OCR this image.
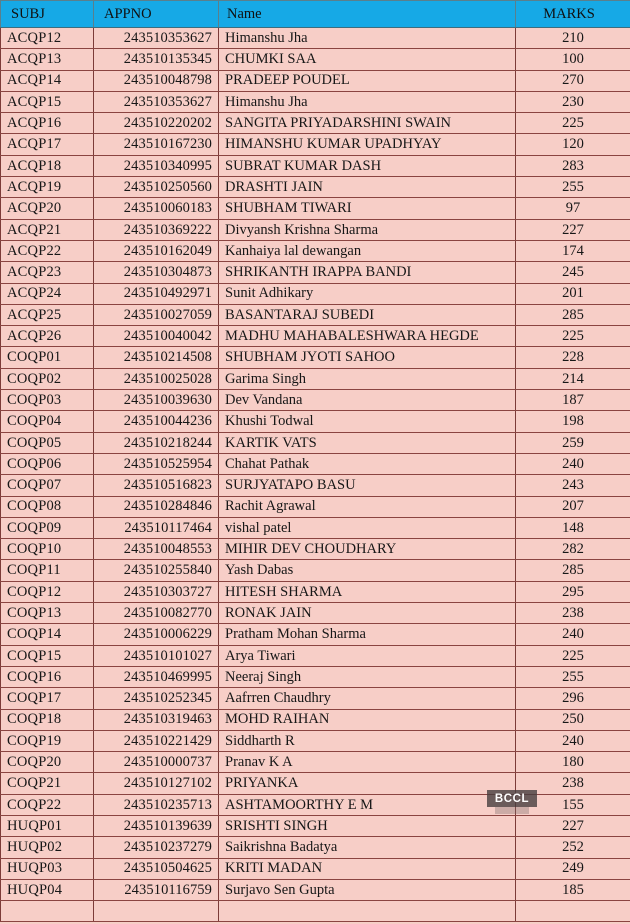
SUBJ	APPNO	Name	MARKS
ACQP12	243510353627	Himanshu Jha	210
ACQP13	243510135345	CHUMKI SAA	100
ACQP14	243510048798	PRADEEP POUDEL	270
ACQP15	243510353627	Himanshu Jha	230
ACQP16	243510220202	SANGITA PRIYADARSHINI SWAIN	225
ACQP17	243510167230	HIMANSHU KUMAR UPADHYAY	120
ACQP18	243510340995	SUBRAT KUMAR DASH	283
ACQP19	243510250560	DRASHTI JAIN	255
ACQP20	243510060183	SHUBHAM TIWARI	97
ACQP21	243510369222	Divyansh Krishna Sharma	227
ACQP22	243510162049	Kanhaiya lal dewangan	174
ACQP23	243510304873	SHRIKANTH IRAPPA BANDI	245
ACQP24	243510492971	Sunit Adhikary	201
ACQP25	243510027059	BASANTARAJ SUBEDI	285
ACQP26	243510040042	MADHU MAHABALESHWARA HEGDE	225
COQP01	243510214508	SHUBHAM JYOTI SAHOO	228
COQP02	243510025028	Garima Singh	214
COQP03	243510039630	Dev Vandana	187
COQP04	243510044236	Khushi Todwal	198
COQP05	243510218244	KARTIK VATS	259
COQP06	243510525954	Chahat Pathak	240
COQP07	243510516823	SURJYATAPO BASU	243
COQP08	243510284846	Rachit Agrawal	207
COQP09	243510117464	vishal patel	148
COQP10	243510048553	MIHIR DEV CHOUDHARY	282
COQP11	243510255840	Yash Dabas	285
COQP12	243510303727	HITESH SHARMA	295
COQP13	243510082770	RONAK JAIN	238
COQP14	243510006229	Pratham Mohan Sharma	240
COQP15	243510101027	Arya Tiwari	225
COQP16	243510469995	Neeraj Singh	255
COQP17	243510252345	Aafrren Chaudhry	296
COQP18	243510319463	MOHD RAIHAN	250
COQP19	243510221429	Siddharth R	240
COQP20	243510000737	Pranav K A	180
COQP21	243510127102	PRIYANKA	238
COQP22	243510235713	ASHTAMOORTHY E M	155
HUQP01	243510139639	SRISHTI SINGH	227
HUQP02	243510237279	Saikrishna Badatya	252
HUQP03	243510504625	KRITI MADAN	249
HUQP04	243510116759	Surjavo Sen Gupta	185

BCCL
